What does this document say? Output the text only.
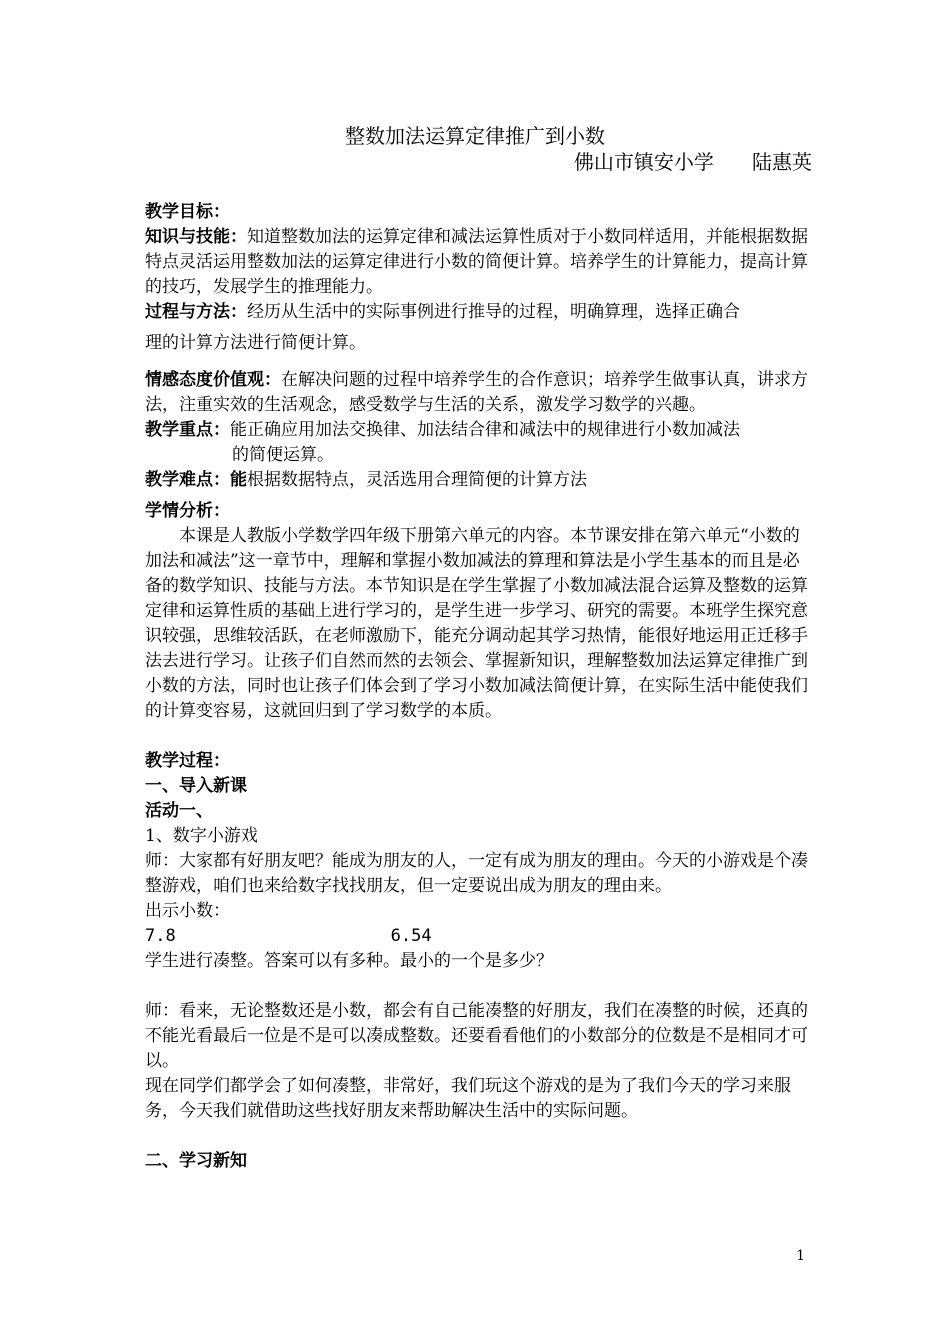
整数加法运算定律推广到小数
佛山市镇安小学      陆惠英

教学目标：

知识与技能：知道整数加法的运算定律和减法运算性质对于小数同样适用，并能根据数据特点灵活运用整数加法的运算定律进行小数的简便计算。培养学生的计算能力，提高计算的技巧，发展学生的推理能力。

过程与方法：经历从生活中的实际事例进行推导的过程，明确算理，选择正确合

理的计算方法进行简便计算。

情感态度价值观：在解决问题的过程中培养学生的合作意识；培养学生做事认真，讲求方法，注重实效的生活观念，感受数学与生活的关系，激发学习数学的兴趣。

教学重点：能正确应用加法交换律、加法结合律和减法中的规律进行小数加减法

的简便运算。

教学难点：能根据数据特点，灵活选用合理简便的计算方法

学情分析：

本课是人教版小学数学四年级下册第六单元的内容。本节课安排在第六单元“小数的加法和减法”这一章节中，理解和掌握小数加减法的算理和算法是小学生基本的而且是必备的数学知识、技能与方法。本节知识是在学生掌握了小数加减法混合运算及整数的运算定律和运算性质的基础上进行学习的，是学生进一步学习、研究的需要。本班学生探究意识较强，思维较活跃，在老师激励下，能充分调动起其学习热情，能很好地运用正迁移手法去进行学习。让孩子们自然而然的去领会、掌握新知识，理解整数加法运算定律推广到小数的方法，同时也让孩子们体会到了学习小数加减法简便计算，在实际生活中能使我们的计算变容易，这就回归到了学习数学的本质。

教学过程：

一、导入新课

活动一、

1、数字小游戏

师：大家都有好朋友吧？能成为朋友的人，一定有成为朋友的理由。今天的小游戏是个凑整游戏，咱们也来给数字找找朋友，但一定要说出成为朋友的理由来。

出示小数：

7.8                     6.54

学生进行凑整。答案可以有多种。最小的一个是多少？

师：看来，无论整数还是小数，都会有自己能凑整的好朋友，我们在凑整的时候，还真的不能光看最后一位是不是可以凑成整数。还要看看他们的小数部分的位数是不是相同才可以。

现在同学们都学会了如何凑整，非常好，我们玩这个游戏的是为了我们今天的学习来服务，今天我们就借助这些找好朋友来帮助解决生活中的实际问题。

二、学习新知

1
